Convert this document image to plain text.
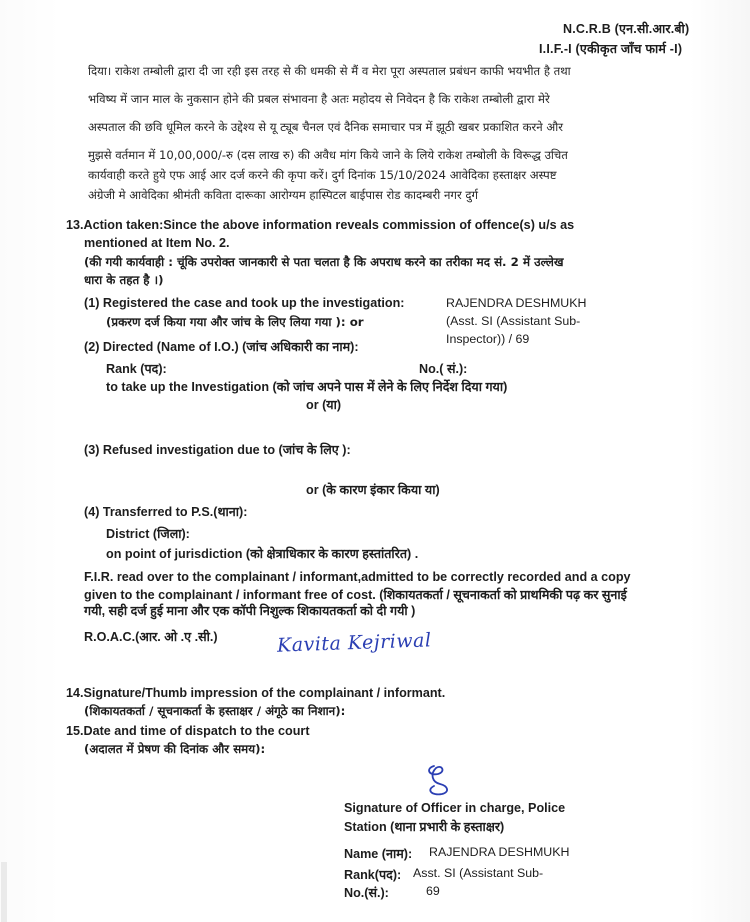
N.C.R.B (एन.सी.आर.बी)
I.I.F.-I (एकीकृत जाँच फार्म -I)
दिया। राकेश तम्बोली द्वारा दी जा रही इस तरह से की धमकी से मैं व मेरा पूरा अस्पताल प्रबंधन काफी भयभीत है तथा
भविष्य में जान माल के नुकसान होने की प्रबल संभावना है अतः महोदय से निवेदन है कि राकेश तम्बोली द्वारा मेरे
अस्पताल की छवि धूमिल करने के उद्देश्य से यू ट्यूब चैनल एवं दैनिक समाचार पत्र में झूठी खबर प्रकाशित करने और
मुझसे वर्तमान में 10,00,000/-रु (दस लाख रु) की अवैध मांग किये जाने के लिये राकेश तम्बोली के विरूद्ध उचित
कार्यवाही करते हुये एफ आई आर दर्ज करने की कृपा करें। दुर्ग दिनांक 15/10/2024 आवेदिका हस्ताक्षर अस्पष्ट
अंग्रेजी मे आवेदिका श्रीमंती कविता दारूका आरोग्यम हास्पिटल बाईपास रोड कादम्बरी नगर दुर्ग
13.Action taken:Since the above information reveals commission of offence(s) u/s as
mentioned at Item No. 2.
(की गयी कार्यवाही : चूंकि उपरोक्त जानकारी से पता चलता है कि अपराध करने का तरीका मद सं. 2 में उल्लेख
धारा के तहत है ।)
(1) Registered the case and took up the investigation:
(प्रकरण दर्ज किया गया और जांच के लिए लिया गया ): or
RAJENDRA DESHMUKH
(Asst. SI (Assistant Sub-
Inspector)) / 69
(2) Directed (Name of I.O.) (जांच अधिकारी का नाम):
Rank (पद):	No.( सं.):
to take up the Investigation (को जांच अपने पास में लेने के लिए निर्देश दिया गया)
or (या)
(3) Refused investigation due to (जांच के लिए ):
or (के कारण इंकार किया या)
(4) Transferred to P.S.(थाना):
District (जिला):
on point of jurisdiction (को क्षेत्राधिकार के कारण हस्तांतरित) .
F.I.R. read over to the complainant / informant,admitted to be correctly recorded and a copy
given to the complainant / informant free of cost. (शिकायतकर्ता / सूचनाकर्ता को प्राथमिकी पढ़ कर सुनाई
गयी, सही दर्ज हुई माना और एक कॉपी निशुल्क शिकायतकर्ता को दी गयी )
R.O.A.C.(आर. ओ .ए .सी.)	Kavita Kejriwal
14.Signature/Thumb impression of the complainant / informant.
(शिकायतकर्ता / सूचनाकर्ता के हस्ताक्षर / अंगूठे का निशान):
15.Date and time of dispatch to the court
(अदालत में प्रेषण की दिनांक और समय):
Signature of Officer in charge, Police
Station (थाना प्रभारी के हस्ताक्षर)
Name (नाम): RAJENDRA DESHMUKH
Rank(पद): Asst. SI (Assistant Sub-
No.(सं.):	69
